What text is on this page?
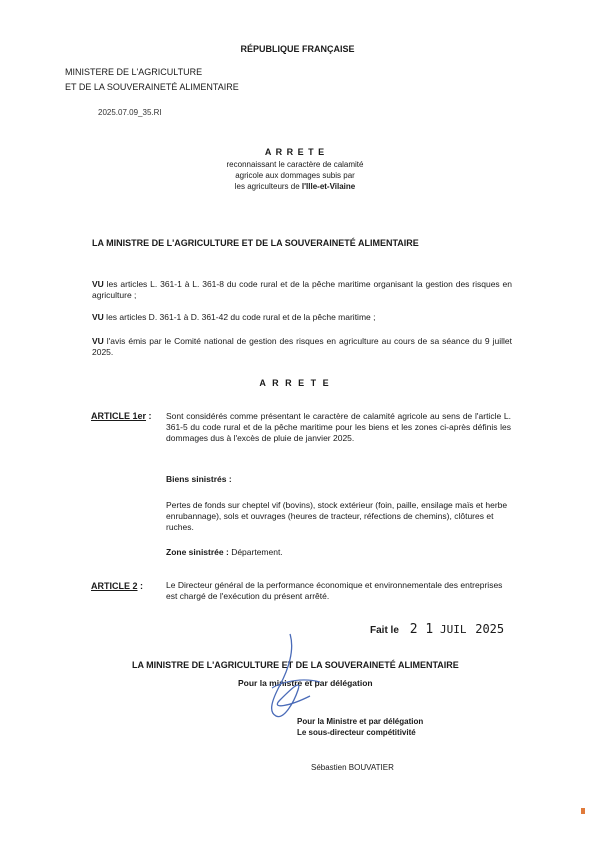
RÉPUBLIQUE FRANÇAISE
MINISTERE DE L'AGRICULTURE
ET DE LA SOUVERAINETÉ ALIMENTAIRE
2025.07.09_35.RI
A R R E T E
reconnaissant le caractère de calamité
agricole aux dommages subis par
les agriculteurs de l'Ille-et-Vilaine
LA MINISTRE DE L'AGRICULTURE ET DE LA SOUVERAINETÉ ALIMENTAIRE
VU les articles L. 361-1 à L. 361-8 du code rural et de la pêche maritime organisant la gestion des risques en agriculture ;
VU les articles D. 361-1 à D. 361-42 du code rural et de la pêche maritime ;
VU l'avis émis par le Comité national de gestion des risques en agriculture au cours de sa séance du 9 juillet 2025.
A R R E T E
ARTICLE 1er : Sont considérés comme présentant le caractère de calamité agricole au sens de l'article L. 361-5 du code rural et de la pêche maritime pour les biens et les zones ci-après définis les dommages dus à l'excès de pluie de janvier 2025.
Biens sinistrés :
Pertes de fonds sur cheptel vif (bovins), stock extérieur (foin, paille, ensilage maïs et herbe enrubannage), sols et ouvrages (heures de tracteur, réfections de chemins), clôtures et ruches.
Zone sinistrée : Département.
ARTICLE 2 :	Le Directeur général de la performance économique et environnementale des entreprises est chargé de l'exécution du présent arrêté.
Fait le 2 1 JUIL 2025
LA MINISTRE DE L'AGRICULTURE ET DE LA SOUVERAINETÉ ALIMENTAIRE
Pour la ministre et par délégation
Pour la Ministre et par délégation
Le sous-directeur compétitivité
Sébastien BOUVATIER
